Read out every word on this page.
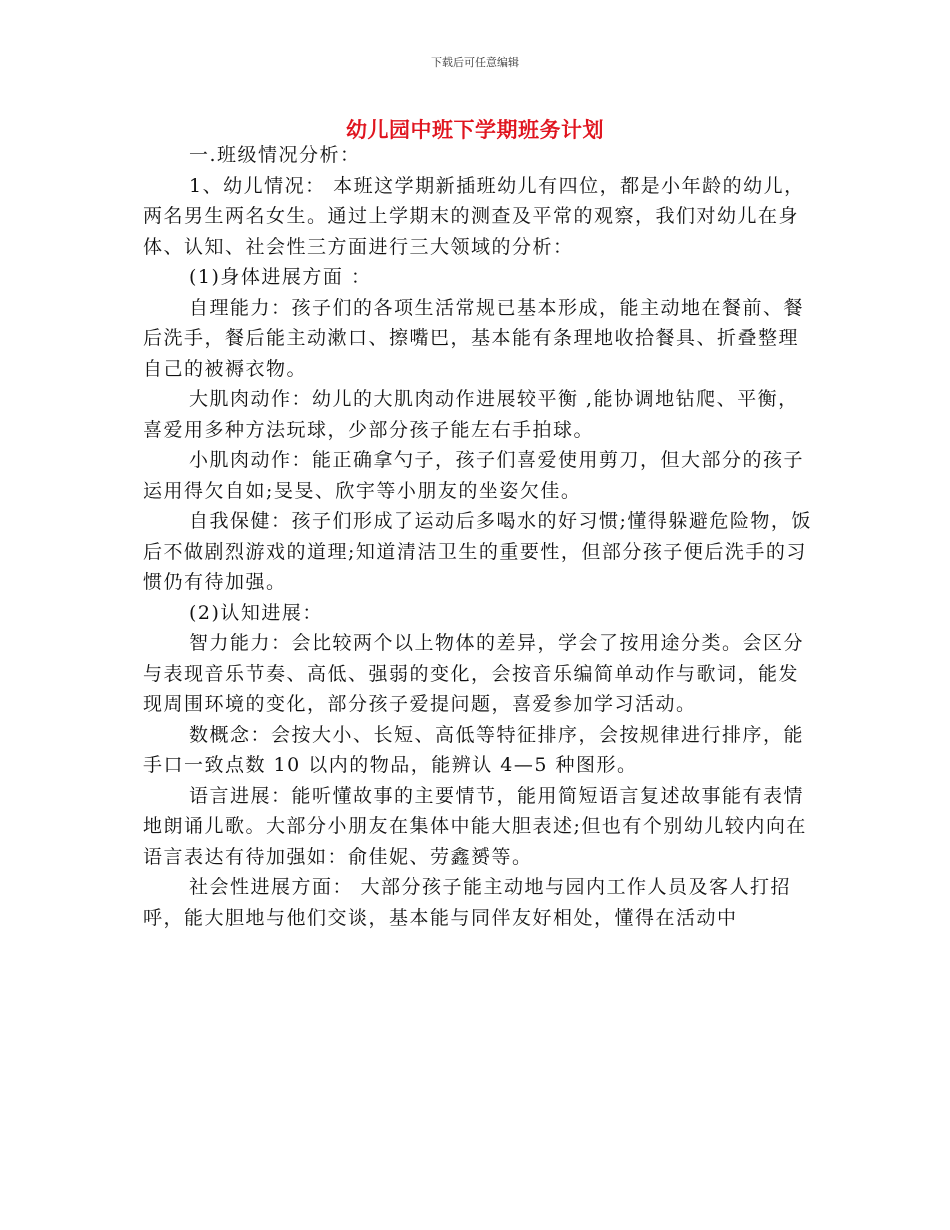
下载后可任意编辑
幼儿园中班下学期班务计划

一.班级情况分析：

1、幼儿情况： 本班这学期新插班幼儿有四位，都是小年龄的幼儿，两名男生两名女生。通过上学期末的测查及平常的观察，我们对幼儿在身体、认知、社会性三方面进行三大领域的分析：

(1)身体进展方面 ：

自理能力：孩子们的各项生活常规已基本形成，能主动地在餐前、餐后洗手，餐后能主动漱口、擦嘴巴，基本能有条理地收拾餐具、折叠整理自己的被褥衣物。

大肌肉动作：幼儿的大肌肉动作进展较平衡 ,能协调地钻爬、平衡，喜爱用多种方法玩球，少部分孩子能左右手拍球。

小肌肉动作：能正确拿勺子，孩子们喜爱使用剪刀，但大部分的孩子运用得欠自如;旻旻、欣宇等小朋友的坐姿欠佳。

自我保健：孩子们形成了运动后多喝水的好习惯;懂得躲避危险物，饭后不做剧烈游戏的道理;知道清洁卫生的重要性，但部分孩子便后洗手的习惯仍有待加强。

(2)认知进展：

智力能力：会比较两个以上物体的差异，学会了按用途分类。会区分与表现音乐节奏、高低、强弱的变化，会按音乐编简单动作与歌词，能发现周围环境的变化，部分孩子爱提问题，喜爱参加学习活动。

数概念：会按大小、长短、高低等特征排序，会按规律进行排序，能手口一致点数 10 以内的物品，能辨认 4—5 种图形。

语言进展：能听懂故事的主要情节，能用简短语言复述故事能有表情地朗诵儿歌。大部分小朋友在集体中能大胆表述;但也有个别幼儿较内向在语言表达有待加强如：俞佳妮、劳鑫赟等。

社会性进展方面： 大部分孩子能主动地与园内工作人员及客人打招呼，能大胆地与他们交谈，基本能与同伴友好相处，懂得在活动中
